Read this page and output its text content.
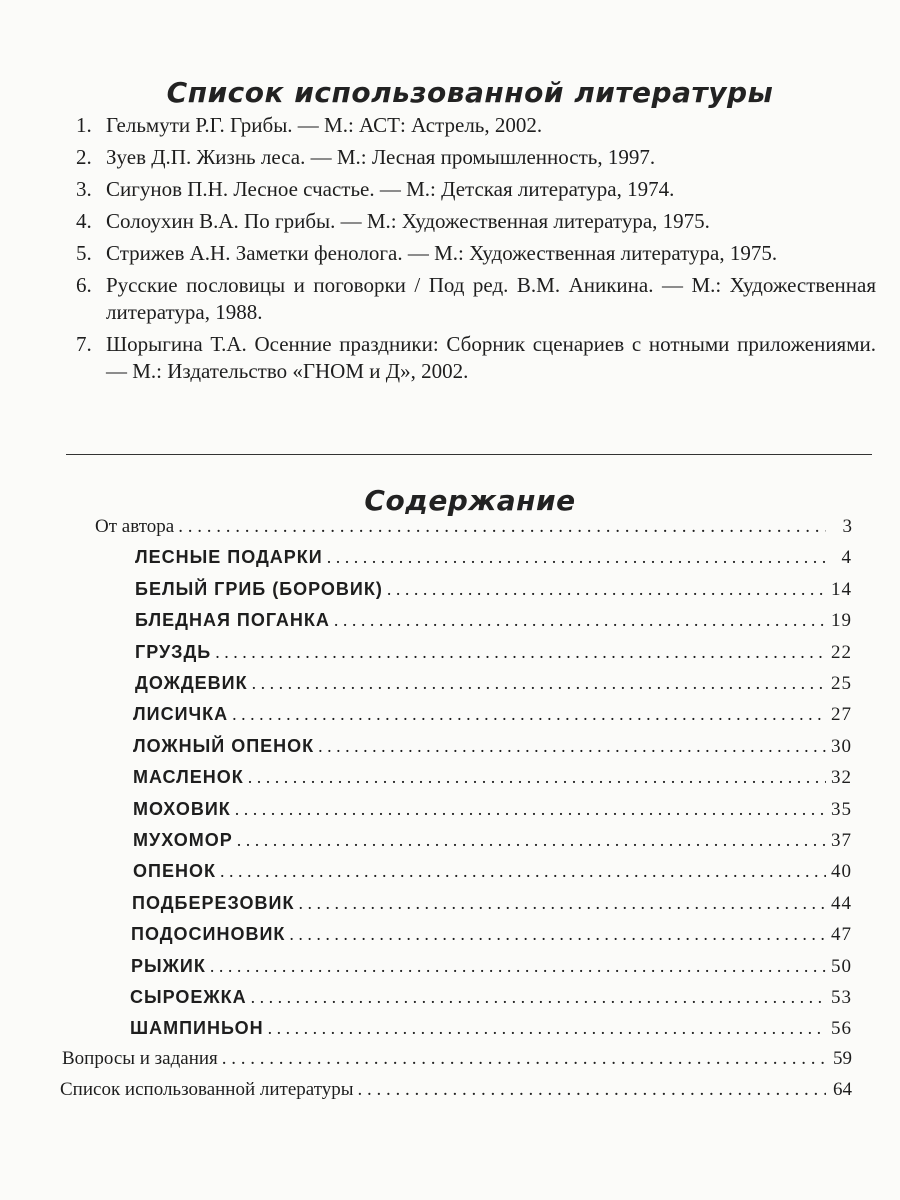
Список использованной литературы
1. Гельмути Р.Г. Грибы. — М.: АСТ: Астрель, 2002.
2. Зуев Д.П. Жизнь леса. — М.: Лесная промышленность, 1997.
3. Сигунов П.Н. Лесное счастье. — М.: Детская литература, 1974.
4. Солоухин В.А. По грибы. — М.: Художественная литература, 1975.
5. Стрижев А.Н. Заметки фенолога. — М.: Художественная литература, 1975.
6. Русские пословицы и поговорки / Под ред. В.М. Аникина. — М.: Художественная литература, 1988.
7. Шорыгина Т.А. Осенние праздники: Сборник сценариев с нотными приложениями. — М.: Издательство «ГНОМ и Д», 2002.
Содержание
От автора . . .	3
ЛЕСНЫЕ ПОДАРКИ . . .	4
БЕЛЫЙ ГРИБ (БОРОВИК) . . .	14
БЛЕДНАЯ ПОГАНКА . . .	19
ГРУЗДЬ . . .	22
ДОЖДЕВИК . . .	25
ЛИСИЧКА . . .	27
ЛОЖНЫЙ ОПЕНОК . . .	30
МАСЛЕНОК . . .	32
МОХОВИК . . .	35
МУХОМОР . . .	37
ОПЕНОК . . .	40
ПОДБЕРЕЗОВИК . . .	44
ПОДОСИНОВИК . . .	47
РЫЖИК . . .	50
СЫРОЕЖКА . . .	53
ШАМПИНЬОН . . .	56
Вопросы и задания . . .	59
Список использованной литературы . . .	64
